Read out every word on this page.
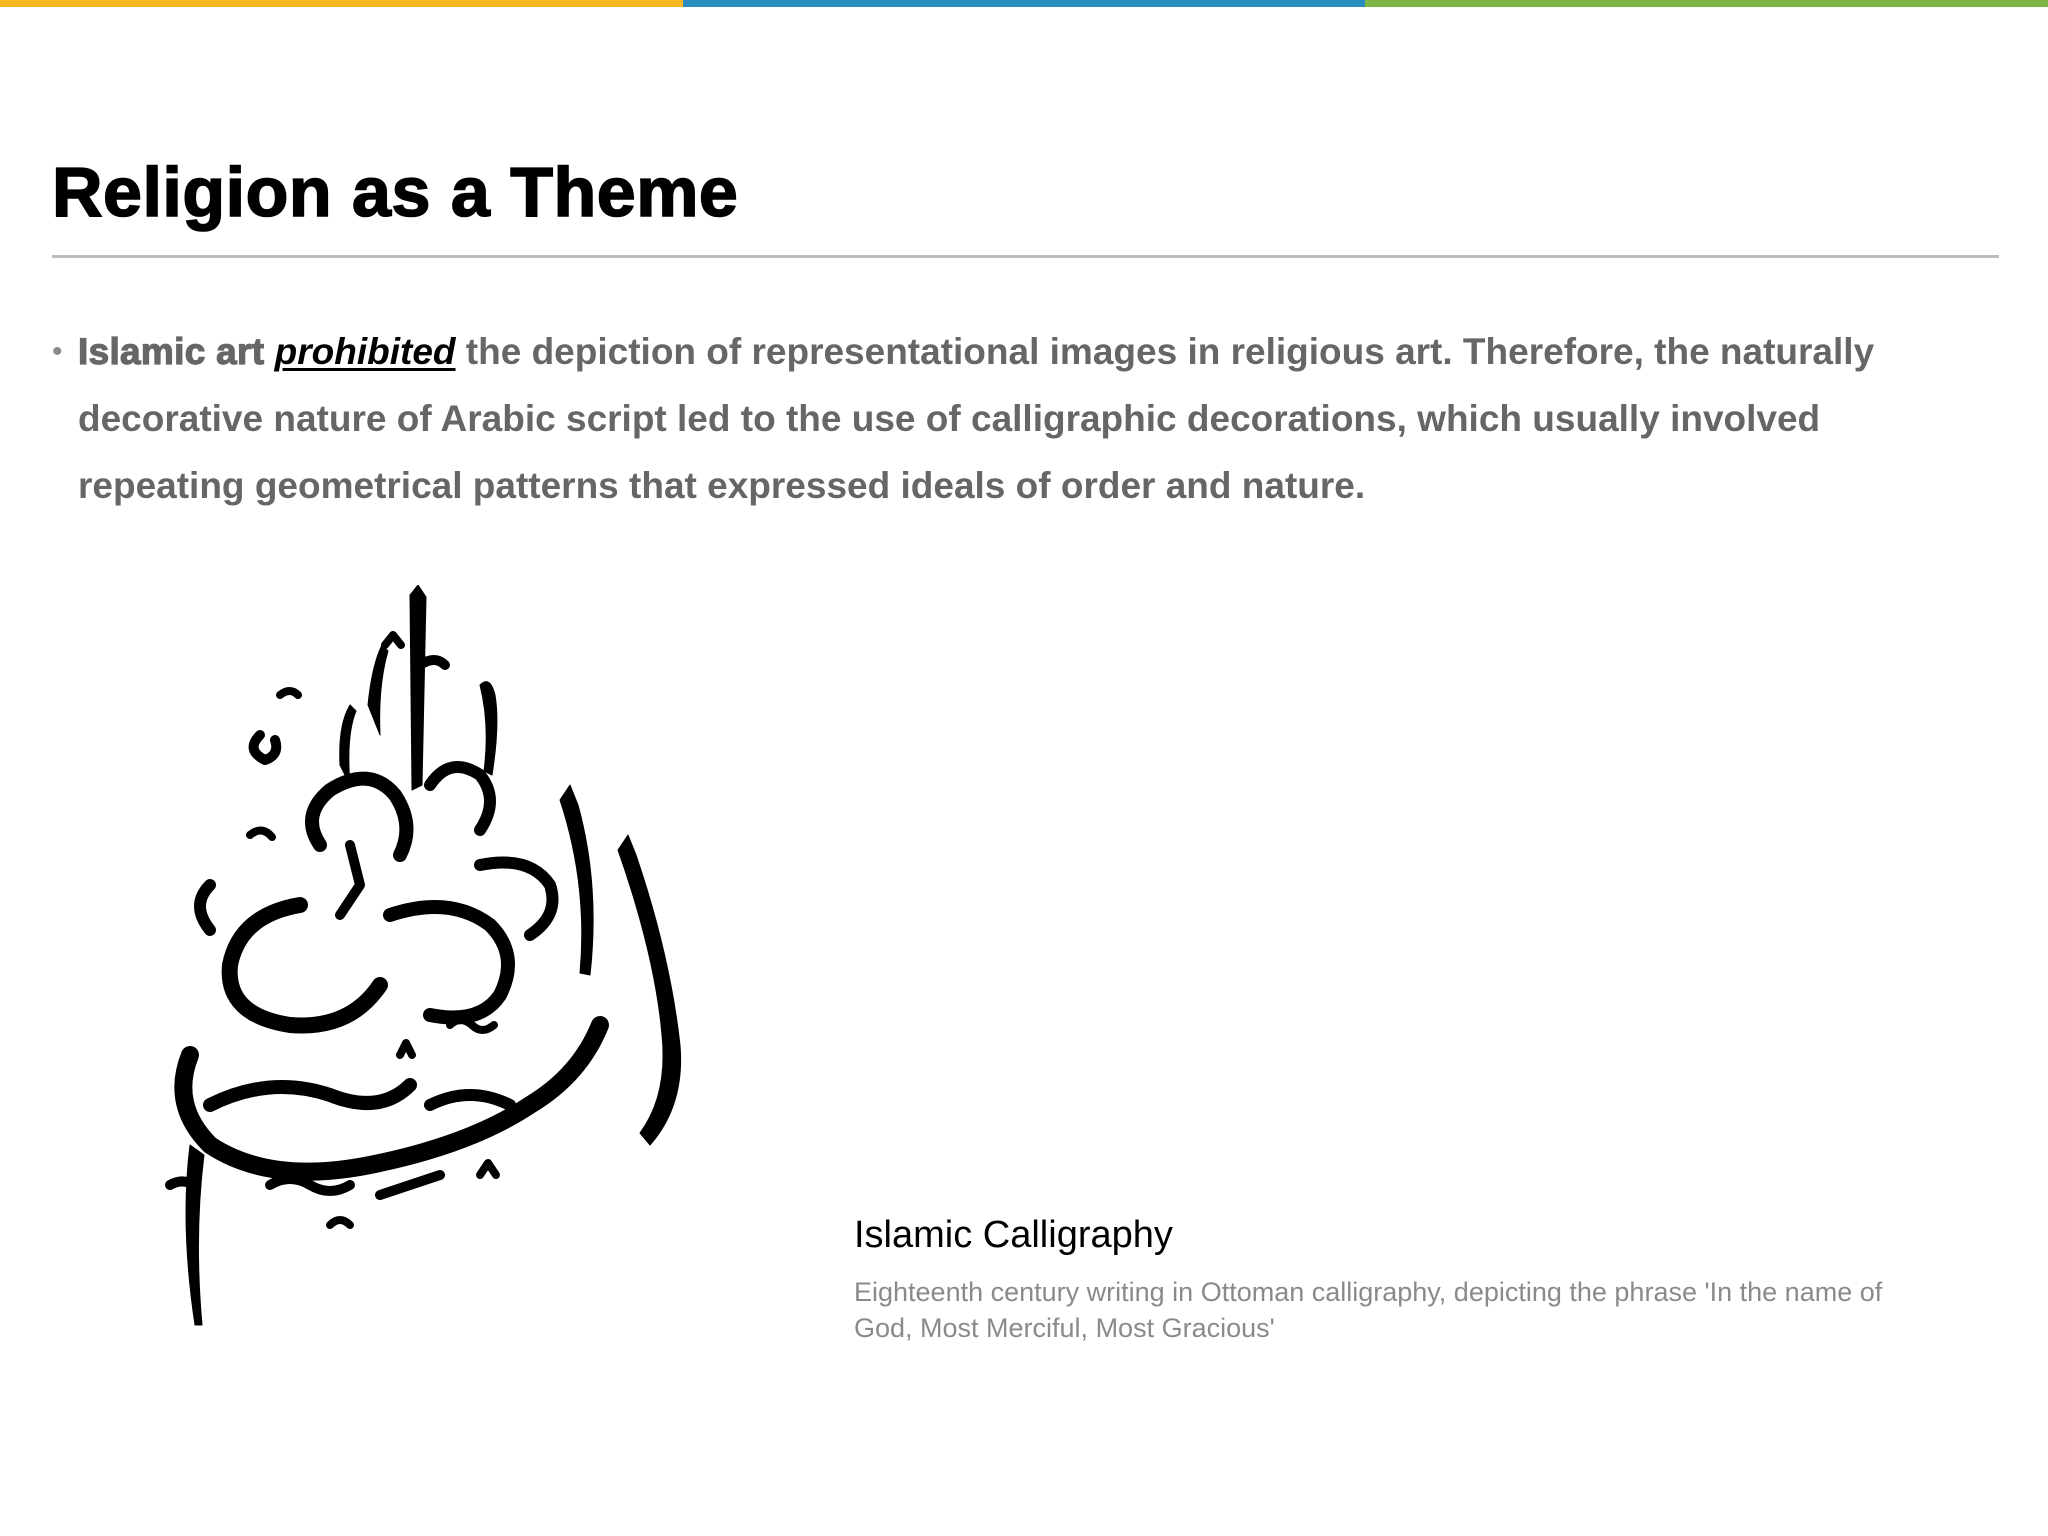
Religion as a Theme
• Islamic art prohibited the depiction of representational images in religious art. Therefore, the naturally decorative nature of Arabic script led to the use of calligraphic decorations, which usually involved repeating geometrical patterns that expressed ideals of order and nature.
Islamic Calligraphy

Eighteenth century writing in Ottoman calligraphy, depicting the phrase 'In the name of God, Most Merciful, Most Gracious'
